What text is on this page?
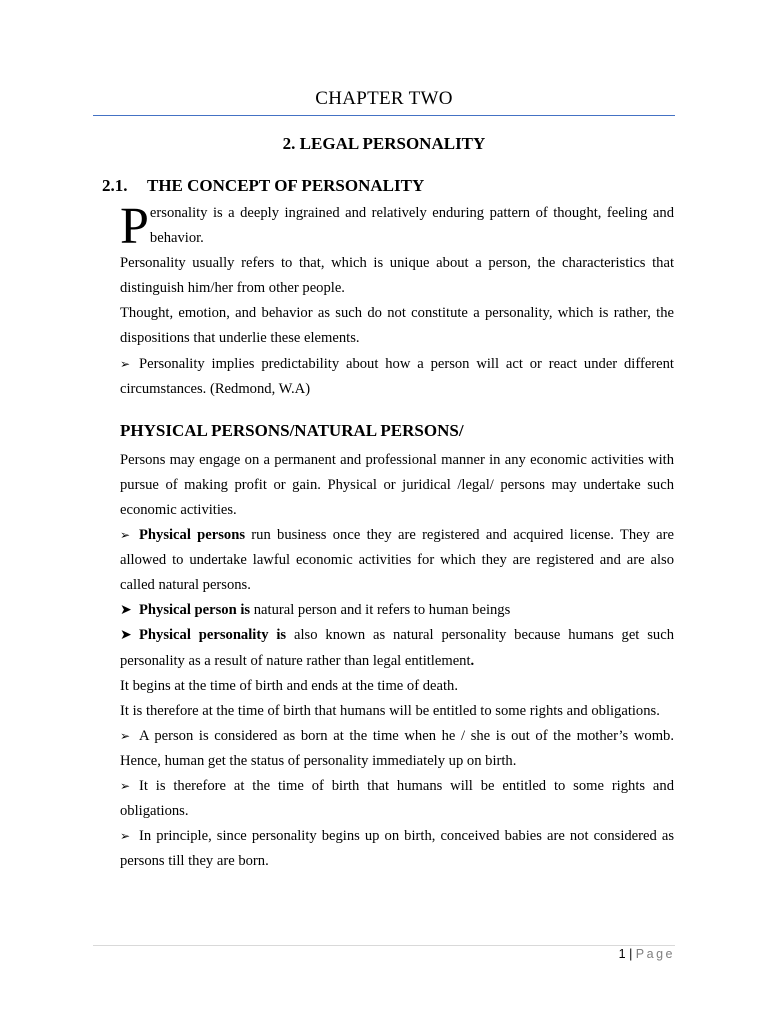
CHAPTER TWO
2. LEGAL PERSONALITY
2.1. THE CONCEPT OF PERSONALITY

Personality is a deeply ingrained and relatively enduring pattern of thought, feeling and behavior.

Personality usually refers to that, which is unique about a person, the characteristics that distinguish him/her from other people.

Thought, emotion, and behavior as such do not constitute a personality, which is rather, the dispositions that underlie these elements.

➢ Personality implies predictability about how a person will act or react under different circumstances. (Redmond, W.A)

PHYSICAL PERSONS/NATURAL PERSONS/

Persons may engage on a permanent and professional manner in any economic activities with pursue of making profit or gain. Physical or juridical /legal/ persons may undertake such economic activities.

➢ Physical persons run business once they are registered and acquired license. They are allowed to undertake lawful economic activities for which they are registered and are also called natural persons.

➤ Physical person is natural person and it refers to human beings

➤ Physical personality is also known as natural personality because humans get such personality as a result of nature rather than legal entitlement.

It begins at the time of birth and ends at the time of death.

It is therefore at the time of birth that humans will be entitled to some rights and obligations.

➢ A person is considered as born at the time when he / she is out of the mother’s womb. Hence, human get the status of personality immediately up on birth.

➢ It is therefore at the time of birth that humans will be entitled to some rights and obligations.

➢ In principle, since personality begins up on birth, conceived babies are not considered as persons till they are born.

1 | Page
